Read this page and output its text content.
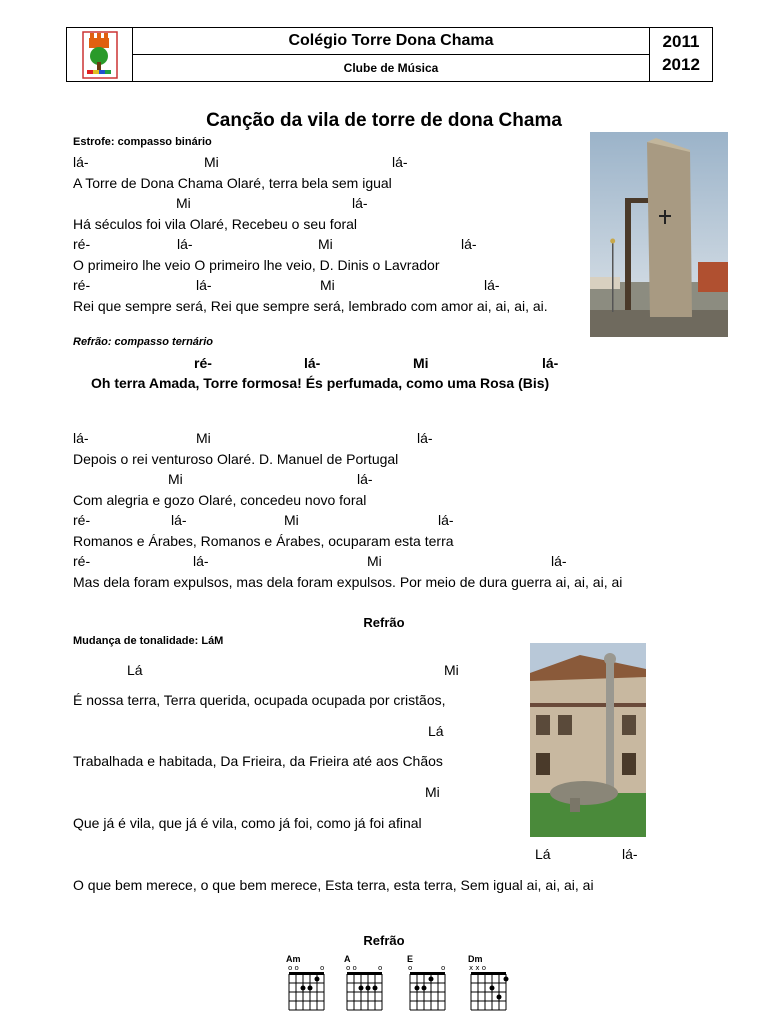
Colégio Torre Dona Chama
Clube de Música
2011
2012
Canção da vila de torre de dona Chama
Estrofe: compasso binário
lá-	Mi	lá-
A Torre de Dona Chama Olaré, terra bela sem igual
Mi	lá-
Há séculos foi vila Olaré, Recebeu o seu foral
ré-	lá-	Mi	lá-
O primeiro lhe veio O primeiro lhe veio, D. Dinis o Lavrador
ré-	lá-	Mi	lá-
Rei que sempre será, Rei que sempre será, lembrado com amor ai, ai, ai, ai.
Refrão: compasso ternário
ré-	lá-	Mi	lá-
Oh terra Amada, Torre formosa! És perfumada, como uma Rosa (Bis)
lá-	Mi	lá-
Depois o rei venturoso Olaré. D. Manuel de Portugal
Mi	lá-
Com alegria e gozo Olaré, concedeu novo foral
ré-	lá-	Mi	lá-
Romanos e Árabes, Romanos e Árabes, ocuparam esta terra
ré-	lá-	Mi	lá-
Mas dela foram expulsos, mas dela foram expulsos. Por meio de dura guerra ai, ai, ai, ai
Refrão
Mudança de tonalidade: LáM
Lá	Mi
É nossa terra, Terra querida, ocupada ocupada por cristãos,
Lá
Trabalhada e habitada, Da Frieira, da Frieira até aos Chãos
Mi
Que já é vila, que já é vila, como já foi, como já foi afinal
Lá	lá-
O que bem merece, o que bem merece, Esta terra, esta terra, Sem igual ai, ai, ai, ai
Refrão
Am
o o	o
A
o o	o
E
o	o
Dm
x x o
